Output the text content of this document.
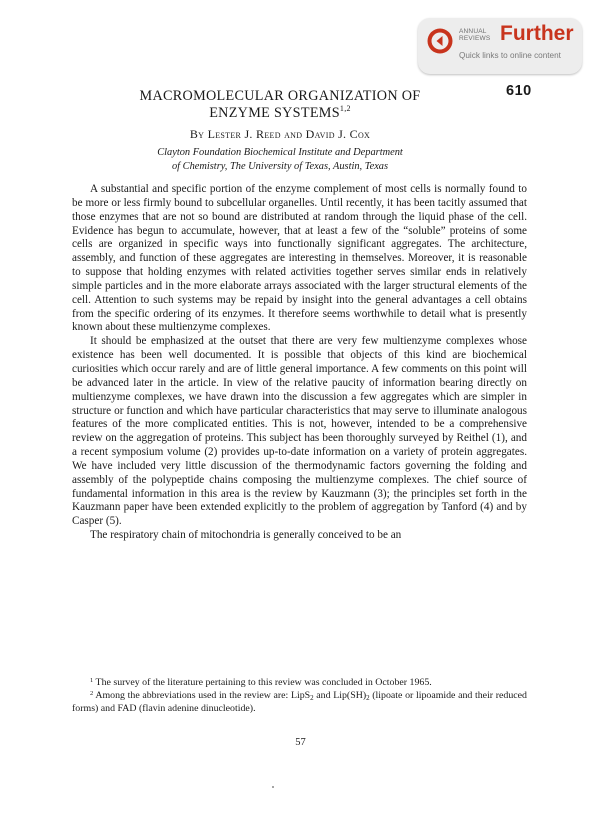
ANNUAL
REVIEWS Further
Quick links to online content
610
MACROMOLECULAR ORGANIZATION OF
ENZYME SYSTEMS$^{1,2}$
By Lester J. Reed and David J. Cox
Clayton Foundation Biochemical Institute and Department
of Chemistry, The University of Texas, Austin, Texas

A substantial and specific portion of the enzyme complement of most cells is normally found to be more or less firmly bound to subcellular organelles. Until recently, it has been tacitly assumed that those enzymes that are not so bound are distributed at random through the liquid phase of the cell. Evidence has begun to accumulate, however, that at least a few of the “soluble” proteins of some cells are organized in specific ways into functionally significant aggregates. The architecture, assembly, and function of these aggregates are interesting in themselves. Moreover, it is reasonable to suppose that holding enzymes with related activities together serves similar ends in relatively simple particles and in the more elaborate arrays associated with the larger structural elements of the cell. Attention to such systems may be repaid by insight into the general advantages a cell obtains from the specific ordering of its enzymes. It therefore seems worthwhile to detail what is presently known about these multienzyme complexes.

It should be emphasized at the outset that there are very few multienzyme complexes whose existence has been well documented. It is possible that objects of this kind are biochemical curiosities which occur rarely and are of little general importance. A few comments on this point will be advanced later in the article. In view of the relative paucity of information bearing directly on multienzyme complexes, we have drawn into the discussion a few aggregates which are simpler in structure or function and which have particular characteristics that may serve to illuminate analogous features of the more complicated entities. This is not, however, intended to be a comprehensive review on the aggregation of proteins. This subject has been thoroughly surveyed by Reithel (1), and a recent symposium volume (2) provides up-to-date information on a variety of protein aggregates. We have included very little discussion of the thermodynamic factors governing the folding and assembly of the polypeptide chains composing the multienzyme complexes. The chief source of fundamental information in this area is the review by Kauzmann (3); the principles set forth in the Kauzmann paper have been extended explicitly to the problem of aggregation by Tanford (4) and by Casper (5).

The respiratory chain of mitochondria is generally conceived to be an

$^1$ The survey of the literature pertaining to this review was concluded in October 1965.

$^2$ Among the abbreviations used in the review are: LipS$_2$ and $Lip(SH)_2$ (lipoate or lipoamide and their reduced forms) and FAD (flavin adenine dinucleotide).

57
